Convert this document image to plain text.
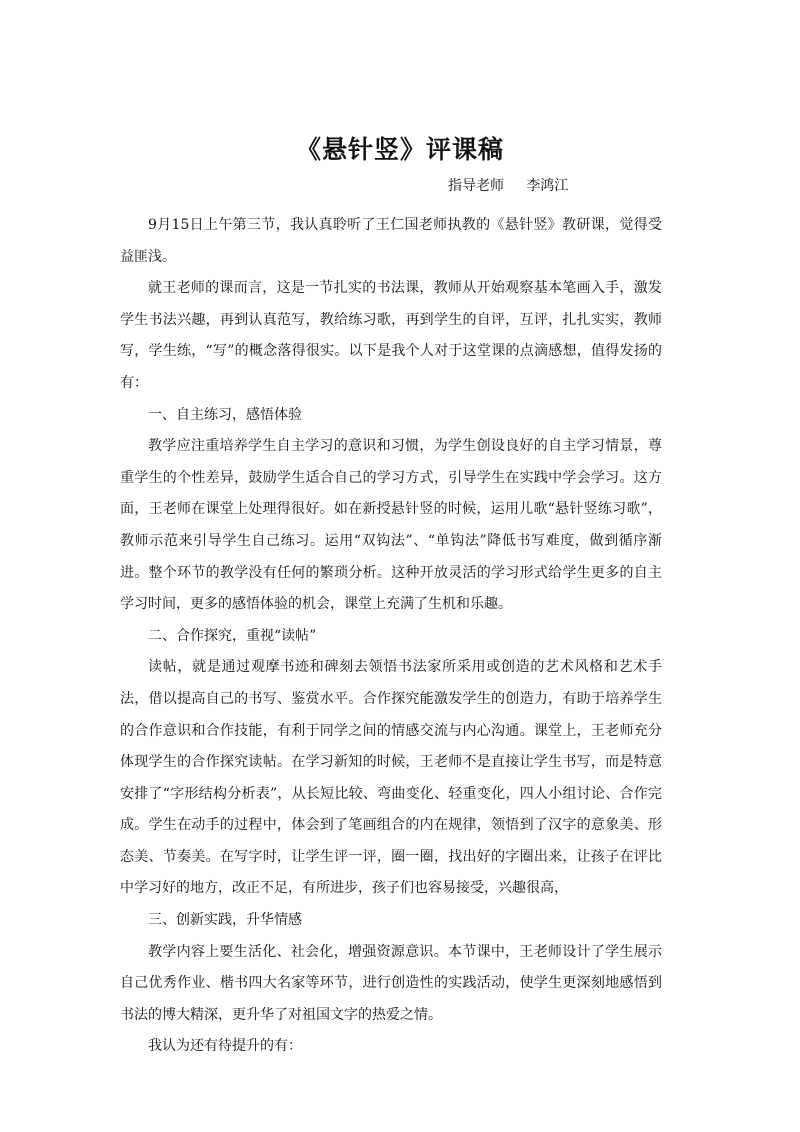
《悬针竖》评课稿
指导老师     李鸿江

9月15日上午第三节，我认真聆听了王仁国老师执教的《悬针竖》教研课，觉得受益匪浅。

就王老师的课而言，这是一节扎实的书法课，教师从开始观察基本笔画入手，激发学生书法兴趣，再到认真范写，教给练习歌，再到学生的自评，互评，扎扎实实，教师写，学生练，“写”的概念落得很实。以下是我个人对于这堂课的点滴感想，值得发扬的有：

一、自主练习，感悟体验

教学应注重培养学生自主学习的意识和习惯，为学生创设良好的自主学习情景，尊重学生的个性差异，鼓励学生适合自己的学习方式，引导学生在实践中学会学习。这方面，王老师在课堂上处理得很好。如在新授悬针竖的时候，运用儿歌“悬针竖练习歌”，教师示范来引导学生自己练习。运用“双钩法”、“单钩法”降低书写难度，做到循序渐进。整个环节的教学没有任何的繁琐分析。这种开放灵活的学习形式给学生更多的自主学习时间，更多的感悟体验的机会，课堂上充满了生机和乐趣。

二、合作探究，重视“读帖”

读帖，就是通过观摩书迹和碑刻去领悟书法家所采用或创造的艺术风格和艺术手法，借以提高自己的书写、鉴赏水平。合作探究能激发学生的创造力，有助于培养学生的合作意识和合作技能，有利于同学之间的情感交流与内心沟通。课堂上，王老师充分体现学生的合作探究读帖。在学习新知的时候，王老师不是直接让学生书写，而是特意安排了“字形结构分析表”，从长短比较、弯曲变化、轻重变化，四人小组讨论、合作完成。学生在动手的过程中，体会到了笔画组合的内在规律，领悟到了汉字的意象美、形态美、节奏美。在写字时，让学生评一评，圈一圈，找出好的字圈出来，让孩子在评比中学习好的地方，改正不足，有所进步，孩子们也容易接受，兴趣很高，

三、创新实践，升华情感

教学内容上要生活化、社会化，增强资源意识。本节课中，王老师设计了学生展示自己优秀作业、楷书四大名家等环节，进行创造性的实践活动，使学生更深刻地感悟到书法的博大精深，更升华了对祖国文字的热爱之情。

我认为还有待提升的有：
